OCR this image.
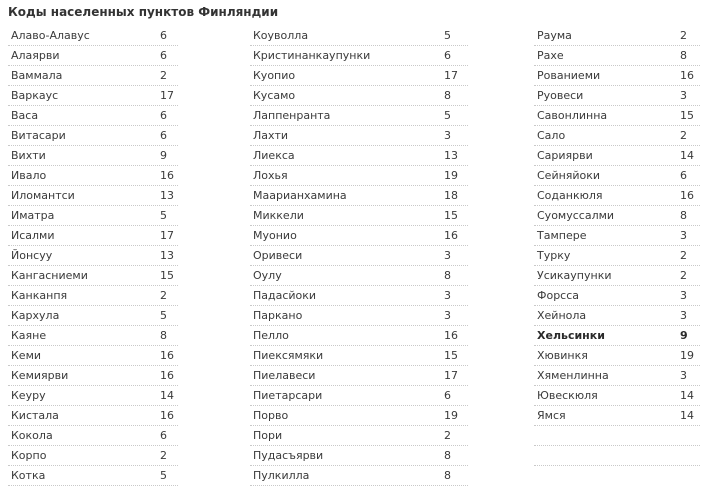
Коды населенных пунктов Финляндии
Алаво-Алавус	6
Алаярви	6
Ваммала	2
Варкаус	17
Васа	6
Витасари	6
Вихти	9
Ивало	16
Иломантси	13
Иматра	5
Исалми	17
Йонсуу	13
Кангасниеми	15
Канканпя	2
Кархула	5
Каяне	8
Кеми	16
Кемиярви	16
Кеуру	14
Кистала	16
Кокола	6
Корпо	2
Котка	5
Коуволла	5
Кристинанкаупунки	6
Куопио	17
Кусамо	8
Лаппенранта	5
Лахти	3
Лиекса	13
Лохья	19
Маарианхамина	18
Миккели	15
Муонио	16
Оривеси	3
Оулу	8
Падасйоки	3
Паркано	3
Пелло	16
Пиексямяки	15
Пиелавеси	17
Пиетарсари	6
Порво	19
Пори	2
Пудасъярви	8
Пулкилла	8
Раума	2
Рахе	8
Рованиеми	16
Руовеси	3
Савонлинна	15
Сало	2
Сариярви	14
Сейняйоки	6
Соданкюля	16
Суомуссалми	8
Тампере	3
Турку	2
Усикаупунки	2
Форсса	3
Хейнола	3
Хельсинки	9
Хювинкя	19
Хяменлинна	3
Ювескюля	14
Ямся	14
